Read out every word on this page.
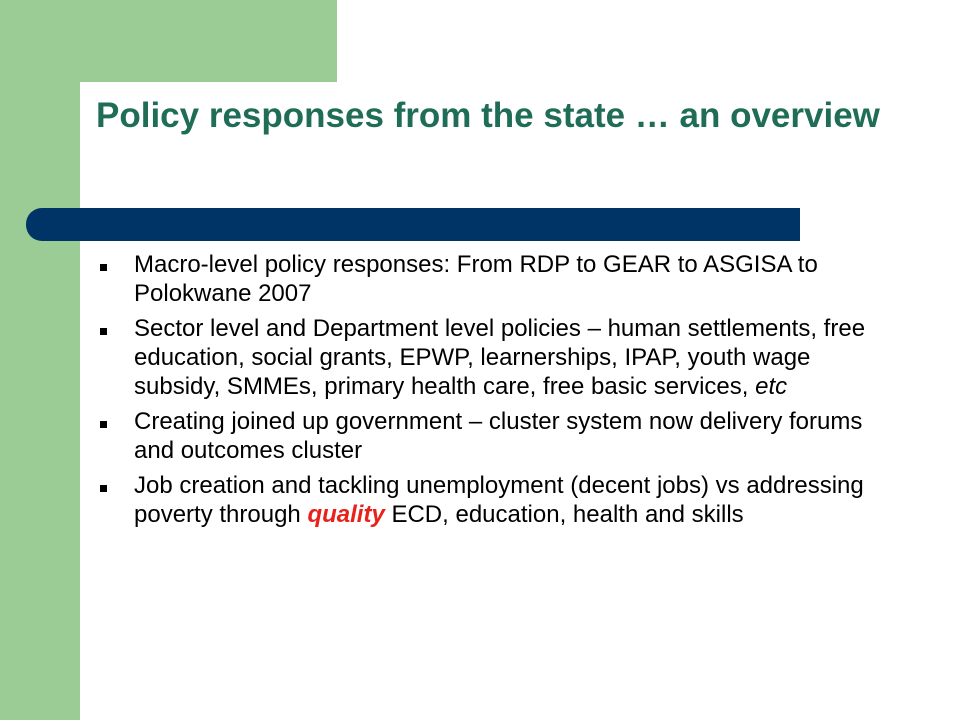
Policy responses from the state … an overview
Macro-level policy responses: From RDP to GEAR to ASGISA to Polokwane 2007
Sector level and Department level policies – human settlements, free education, social grants, EPWP, learnerships, IPAP, youth wage subsidy, SMMEs, primary health care, free basic services, etc
Creating joined up government – cluster system now delivery forums and outcomes cluster
Job creation and tackling unemployment (decent jobs) vs addressing poverty through quality ECD, education, health and skills
